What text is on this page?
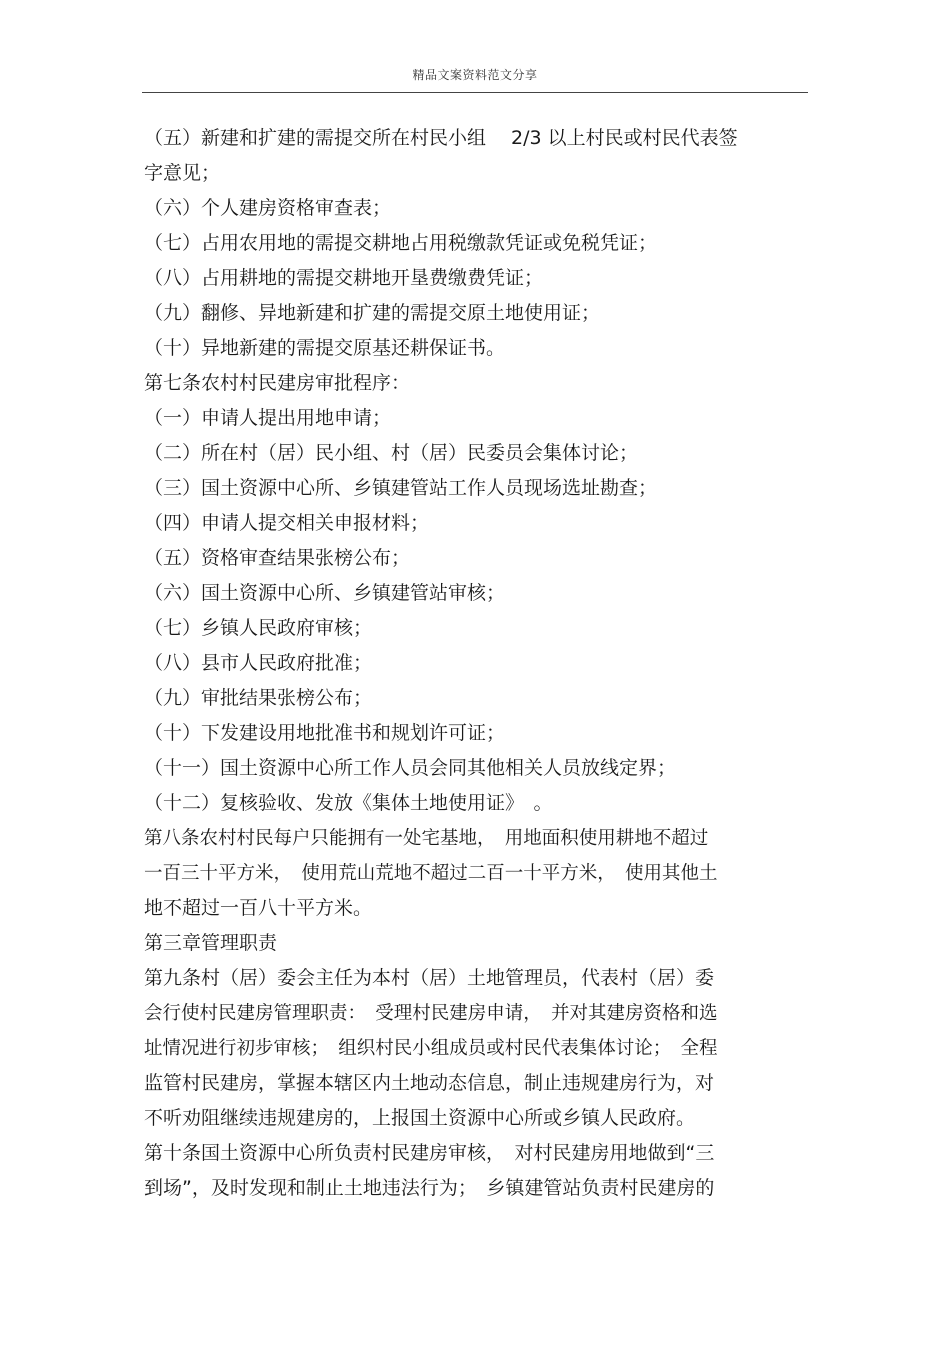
精品文案资料范文分享
（五）新建和扩建的需提交所在村民小组　 2/3 以上村民或村民代表签
字意见；
（六）个人建房资格审查表；
（七）占用农用地的需提交耕地占用税缴款凭证或免税凭证；
（八）占用耕地的需提交耕地开垦费缴费凭证；
（九）翻修、异地新建和扩建的需提交原土地使用证；
（十）异地新建的需提交原基还耕保证书。
第七条农村村民建房审批程序：
（一）申请人提出用地申请；
（二）所在村（居）民小组、村（居）民委员会集体讨论；
（三）国土资源中心所、乡镇建管站工作人员现场选址勘查；
（四）申请人提交相关申报材料；
（五）资格审查结果张榜公布；
（六）国土资源中心所、乡镇建管站审核；
（七）乡镇人民政府审核；
（八）县市人民政府批准；
（九）审批结果张榜公布；
（十）下发建设用地批准书和规划许可证；
（十一）国土资源中心所工作人员会同其他相关人员放线定界；
（十二）复核验收、发放《集体土地使用证》　。
第八条农村村民每户只能拥有一处宅基地，　用地面积使用耕地不超过
一百三十平方米，　使用荒山荒地不超过二百一十平方米，　使用其他土
地不超过一百八十平方米。
第三章管理职责
第九条村（居）委会主任为本村（居）土地管理员，代表村（居）委
会行使村民建房管理职责：　受理村民建房申请，　并对其建房资格和选
址情况进行初步审核；　组织村民小组成员或村民代表集体讨论；　全程
监管村民建房，掌握本辖区内土地动态信息，制止违规建房行为，对
不听劝阻继续违规建房的，上报国土资源中心所或乡镇人民政府。
第十条国土资源中心所负责村民建房审核，　对村民建房用地做到“三
到场”，及时发现和制止土地违法行为；　乡镇建管站负责村民建房的
